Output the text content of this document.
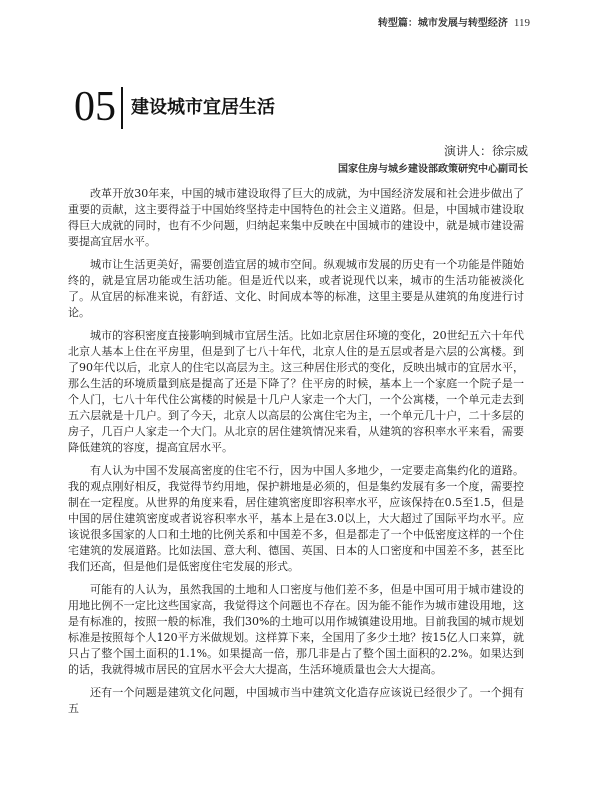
转型篇：城市发展与转型经济 119
05 建设城市宜居生活
演讲人：徐宗威
国家住房与城乡建设部政策研究中心副司长

改革开放30年来，中国的城市建设取得了巨大的成就，为中国经济发展和社会进步做出了重要的贡献，这主要得益于中国始终坚持走中国特色的社会主义道路。但是，中国城市建设取得巨大成就的同时，也有不少问题，归纳起来集中反映在中国城市的建设中，就是城市建设需要提高宜居水平。

城市让生活更美好，需要创造宜居的城市空间。纵观城市发展的历史有一个功能是伴随始终的，就是宜居功能或生活功能。但是近代以来，或者说现代以来，城市的生活功能被淡化了。从宜居的标准来说，有舒适、文化、时间成本等的标准，这里主要是从建筑的角度进行讨论。

城市的容积密度直接影响到城市宜居生活。比如北京居住环境的变化，20世纪五六十年代北京人基本上住在平房里，但是到了七八十年代，北京人住的是五层或者是六层的公寓楼。到了90年代以后，北京人的住宅以高层为主。这三种居住形式的变化，反映出城市的宜居水平，那么生活的环境质量到底是提高了还是下降了？住平房的时候，基本上一个家庭一个院子是一个人门，七八十年代住公寓楼的时候是十几户人家走一个大门，一个公寓楼，一个单元走去到五六层就是十几户。到了今天，北京人以高层的公寓住宅为主，一个单元几十户，二十多层的房子，几百户人家走一个大门。从北京的居住建筑情况来看，从建筑的容积率水平来看，需要降低建筑的容度，提高宜居水平。

有人认为中国不发展高密度的住宅不行，因为中国人多地少，一定要走高集约化的道路。我的观点刚好相反，我觉得节约用地，保护耕地是必须的，但是集约发展有多一个度，需要控制在一定程度。从世界的角度来看，居住建筑密度即容积率水平，应该保持在0.5至1.5，但是中国的居住建筑密度或者说容积率水平，基本上是在3.0以上，大大超过了国际平均水平。应该说很多国家的人口和土地的比例关系和中国差不多，但是都走了一个中低密度这样的一个住宅建筑的发展道路。比如法国、意大利、德国、英国、日本的人口密度和中国差不多，甚至比我们还高，但是他们是低密度住宅发展的形式。

可能有的人认为，虽然我国的土地和人口密度与他们差不多，但是中国可用于城市建设的用地比例不一定比这些国家高，我觉得这个问题也不存在。因为能不能作为城市建设用地，这是有标准的，按照一般的标准，我们30%的土地可以用作城镇建设用地。目前我国的城市规划标准是按照每个人120平方米做规划。这样算下来，全国用了多少土地？按15亿人口来算，就只占了整个国土面积的1.1%。如果提高一倍，那几非是占了整个国土面积的2.2%。如果达到的话，我就得城市居民的宜居水平会大大提高，生活环境质量也会大大提高。

还有一个问题是建筑文化问题，中国城市当中建筑文化造存应该说已经很少了。一个拥有五
